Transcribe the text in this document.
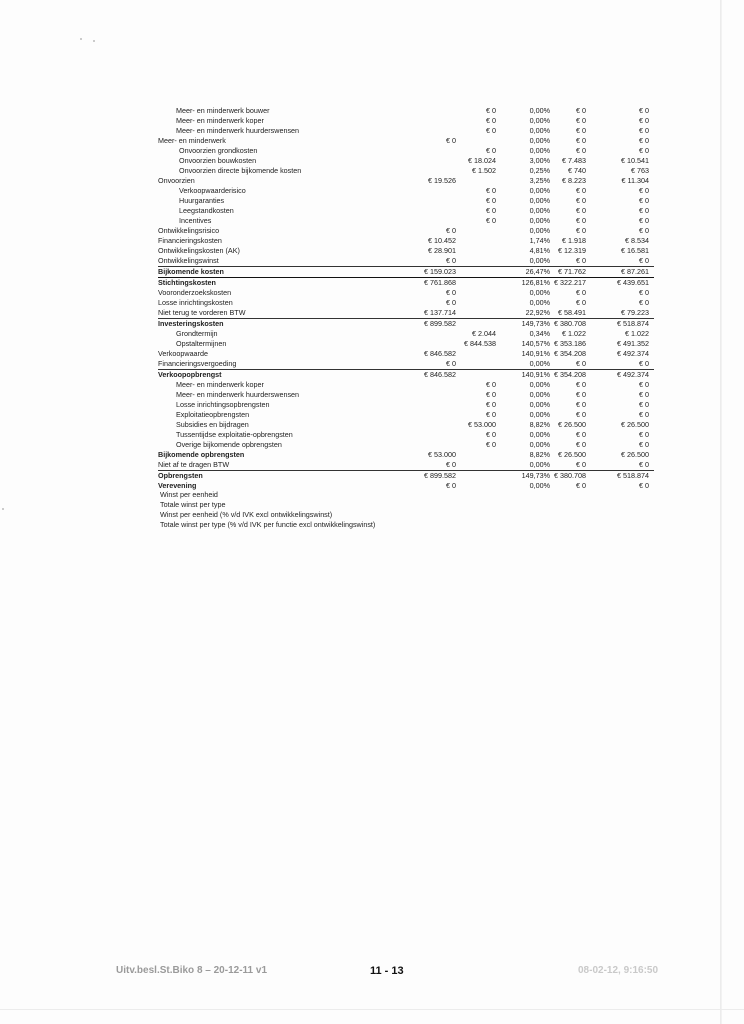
Meer- en minderwerk bouwer	€ 0	0,00%	€ 0	€ 0
Meer- en minderwerk koper	€ 0	0,00%	€ 0	€ 0
Meer- en minderwerk huurderswensen	€ 0	0,00%	€ 0	€ 0
Meer- en minderwerk	€ 0	0,00%	€ 0	€ 0
Onvoorzien grondkosten	€ 0	0,00%	€ 0	€ 0
Onvoorzien bouwkosten	€ 18.024	3,00%	€ 7.483	€ 10.541
Onvoorzien directe bijkomende kosten	€ 1.502	0,25%	€ 740	€ 763
Onvoorzien	€ 19.526	3,25%	€ 8.223	€ 11.304
Verkoopwaarderisico	€ 0	0,00%	€ 0	€ 0
Huurgaranties	€ 0	0,00%	€ 0	€ 0
Leegstandkosten	€ 0	0,00%	€ 0	€ 0
Incentives	€ 0	0,00%	€ 0	€ 0
Ontwikkelingsrisico	€ 0	0,00%	€ 0	€ 0
Financieringskosten	€ 10.452	1,74%	€ 1.918	€ 8.534
Ontwikkelingskosten (AK)	€ 28.901	4,81%	€ 12.319	€ 16.581
Ontwikkelingswinst	€ 0	0,00%	€ 0	€ 0
Bijkomende kosten	€ 159.023	26,47%	€ 71.762	€ 87.261
Stichtingskosten	€ 761.868	126,81% € 322.217	€ 439.651
Vooronderzoekskosten	€ 0	0,00%	€ 0	€ 0
Losse inrichtingskosten	€ 0	0,00%	€ 0	€ 0
Niet terug te vorderen BTW	€ 137.714	22,92%	€ 58.491	€ 79.223
Investeringskosten	€ 899.582	149,73% € 380.708	€ 518.874
Grondtermijn	€ 2.044	0,34%	€ 1.022	€ 1.022
Opstaltermijnen	€ 844.538	140,57% € 353.186	€ 491.352
Verkoopwaarde	€ 846.582	140,91% € 354.208	€ 492.374
Financieringsvergoeding	€ 0	0,00%	€ 0	€ 0
Verkoopopbrengst	€ 846.582	140,91% € 354.208	€ 492.374
Meer- en minderwerk koper	€ 0	0,00%	€ 0	€ 0
Meer- en minderwerk huurderswensen	€ 0	0,00%	€ 0	€ 0
Losse inrichtingsopbrengsten	€ 0	0,00%	€ 0	€ 0
Exploitatieopbrengsten	€ 0	0,00%	€ 0	€ 0
Subsidies en bijdragen	€ 53.000	8,82%	€ 26.500	€ 26.500
Tussentijdse exploitatie-opbrengsten	€ 0	0,00%	€ 0	€ 0
Overige bijkomende opbrengsten	€ 0	0,00%	€ 0	€ 0
Bijkomende opbrengsten	€ 53.000	8,82%	€ 26.500	€ 26.500
Niet af te dragen BTW	€ 0	0,00%	€ 0	€ 0
Opbrengsten	€ 899.582	149,73% € 380.708	€ 518.874
Verevening	€ 0	0,00%	€ 0	€ 0
Winst per eenheid
Totale winst per type
Winst per eenheid (% v/d IVK excl ontwikkelingswinst)
Totale winst per type (% v/d IVK per functie excl ontwikkelingswinst)
Uitv.besl.St.Biko 8 – 20-12-11 v1	11 - 13	08-02-12, 9:16:50
